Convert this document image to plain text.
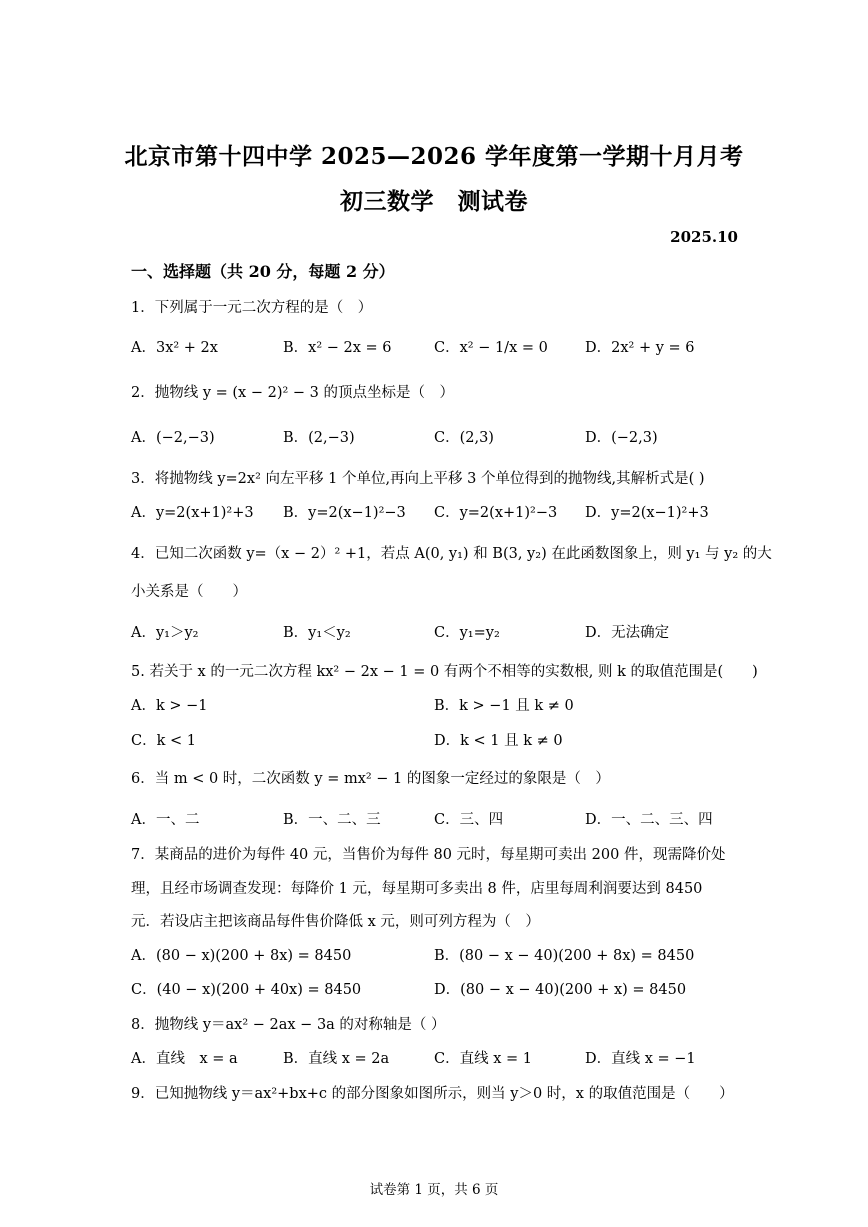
北京市第十四中学 2025—2026 学年度第一学期十月月考
初三数学　测试卷
2025.10
一、选择题（共 20 分，每题 2 分）
1．下列属于一元二次方程的是（　）
A．3x² + 2x	B．x² − 2x = 6	C．x² − 1/x = 0	D．2x² + y = 6
2．抛物线 y = (x − 2)² − 3 的顶点坐标是（　）
A．(−2,−3)	B．(2,−3)	C．(2,3)	D．(−2,3)
3．将抛物线 y=2x² 向左平移 1 个单位,再向上平移 3 个单位得到的抛物线,其解析式是( )
A．y=2(x+1)²+3 B．y=2(x−1)²−3 C．y=2(x+1)²−3 D．y=2(x−1)²+3
4．已知二次函数 y=（x − 2）² +1，若点 A(0, y₁) 和 B(3, y₂) 在此函数图象上，则 y₁ 与 y₂ 的大
小关系是（　　）
A．y₁＞y₂	B．y₁＜y₂	C．y₁=y₂	D．无法确定
5. 若关于 x 的一元二次方程 kx² − 2x − 1 = 0 有两个不相等的实数根, 则 k 的取值范围是(　　)
A．k > −1	B．k > −1 且 k ≠ 0
C．k < 1	D．k < 1 且 k ≠ 0
6．当 m < 0 时，二次函数 y = mx² − 1 的图象一定经过的象限是（　）
A．一、二	B．一、二、三	C．三、四	D．一、二、三、四
7．某商品的进价为每件 40 元，当售价为每件 80 元时，每星期可卖出 200 件，现需降价处
理，且经市场调查发现：每降价 1 元，每星期可多卖出 8 件，店里每周利润要达到 8450
元．若设店主把该商品每件售价降低 x 元，则可列方程为（　）
A．(80 − x)(200 + 8x) = 8450	B．(80 − x − 40)(200 + 8x) = 8450
C．(40 − x)(200 + 40x) = 8450	D．(80 − x − 40)(200 + x) = 8450
8．抛物线 y＝ax² − 2ax − 3a 的对称轴是（ ）
A．直线　x = a	B．直线 x = 2a	C．直线 x = 1	D．直线 x = −1
9．已知抛物线 y＝ax²+bx+c 的部分图象如图所示，则当 y＞0 时，x 的取值范围是（　　）
试卷第 1 页，共 6 页
